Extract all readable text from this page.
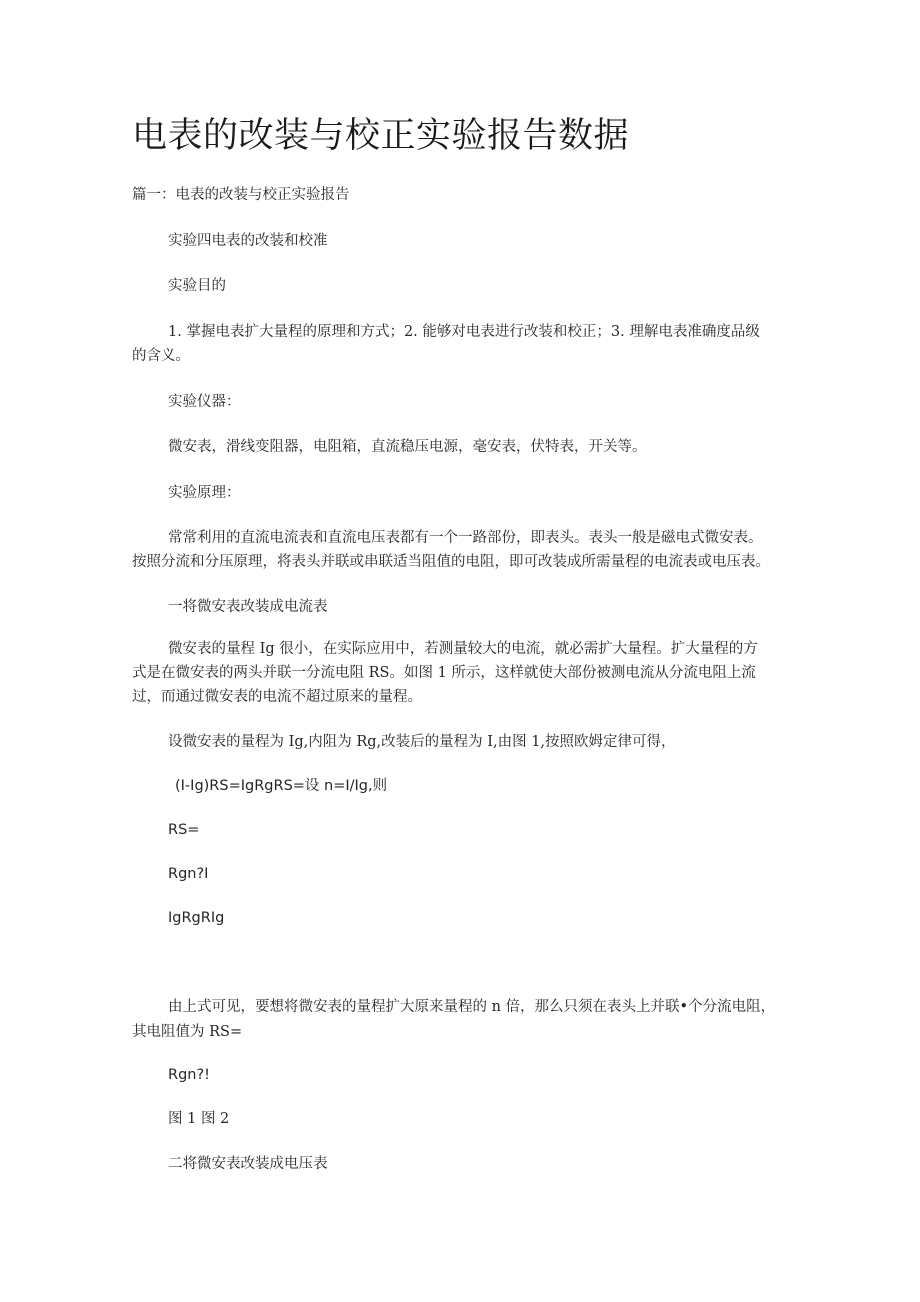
电表的改装与校正实验报告数据

篇一：电表的改装与校正实验报告

实验四电表的改装和校准

实验目的

1. 掌握电表扩大量程的原理和方式；2. 能够对电表进行改装和校正；3. 理解电表准确度品级

的含义。

实验仪器：

微安表，滑线变阻器，电阻箱，直流稳压电源，毫安表，伏特表，开关等。

实验原理：

常常利用的直流电流表和直流电压表都有一个一路部份，即表头。表头一般是磁电式微安表。

按照分流和分压原理，将表头并联或串联适当阻值的电阻，即可改装成所需量程的电流表或电压表。

一将微安表改装成电流表

微安表的量程 Ig 很小，在实际应用中，若测量较大的电流，就必需扩大量程。扩大量程的方

式是在微安表的两头并联一分流电阻 RS。如图 1 所示，这样就使大部份被测电流从分流电阻上流

过，而通过微安表的电流不超过原来的量程。

设微安表的量程为 Ig,内阻为 Rg,改装后的量程为 I,由图 1,按照欧姆定律可得，

(I-Ig)RS=IgRgRS=设 n=I/Ig,则

RS=

Rgn?I

IgRgRIg

由上式可见，要想将微安表的量程扩大原来量程的 n 倍，那么只须在表头上并联•个分流电阻，

其电阻值为 RS=

Rgn?!

图 1 图 2

二将微安表改装成电压表
